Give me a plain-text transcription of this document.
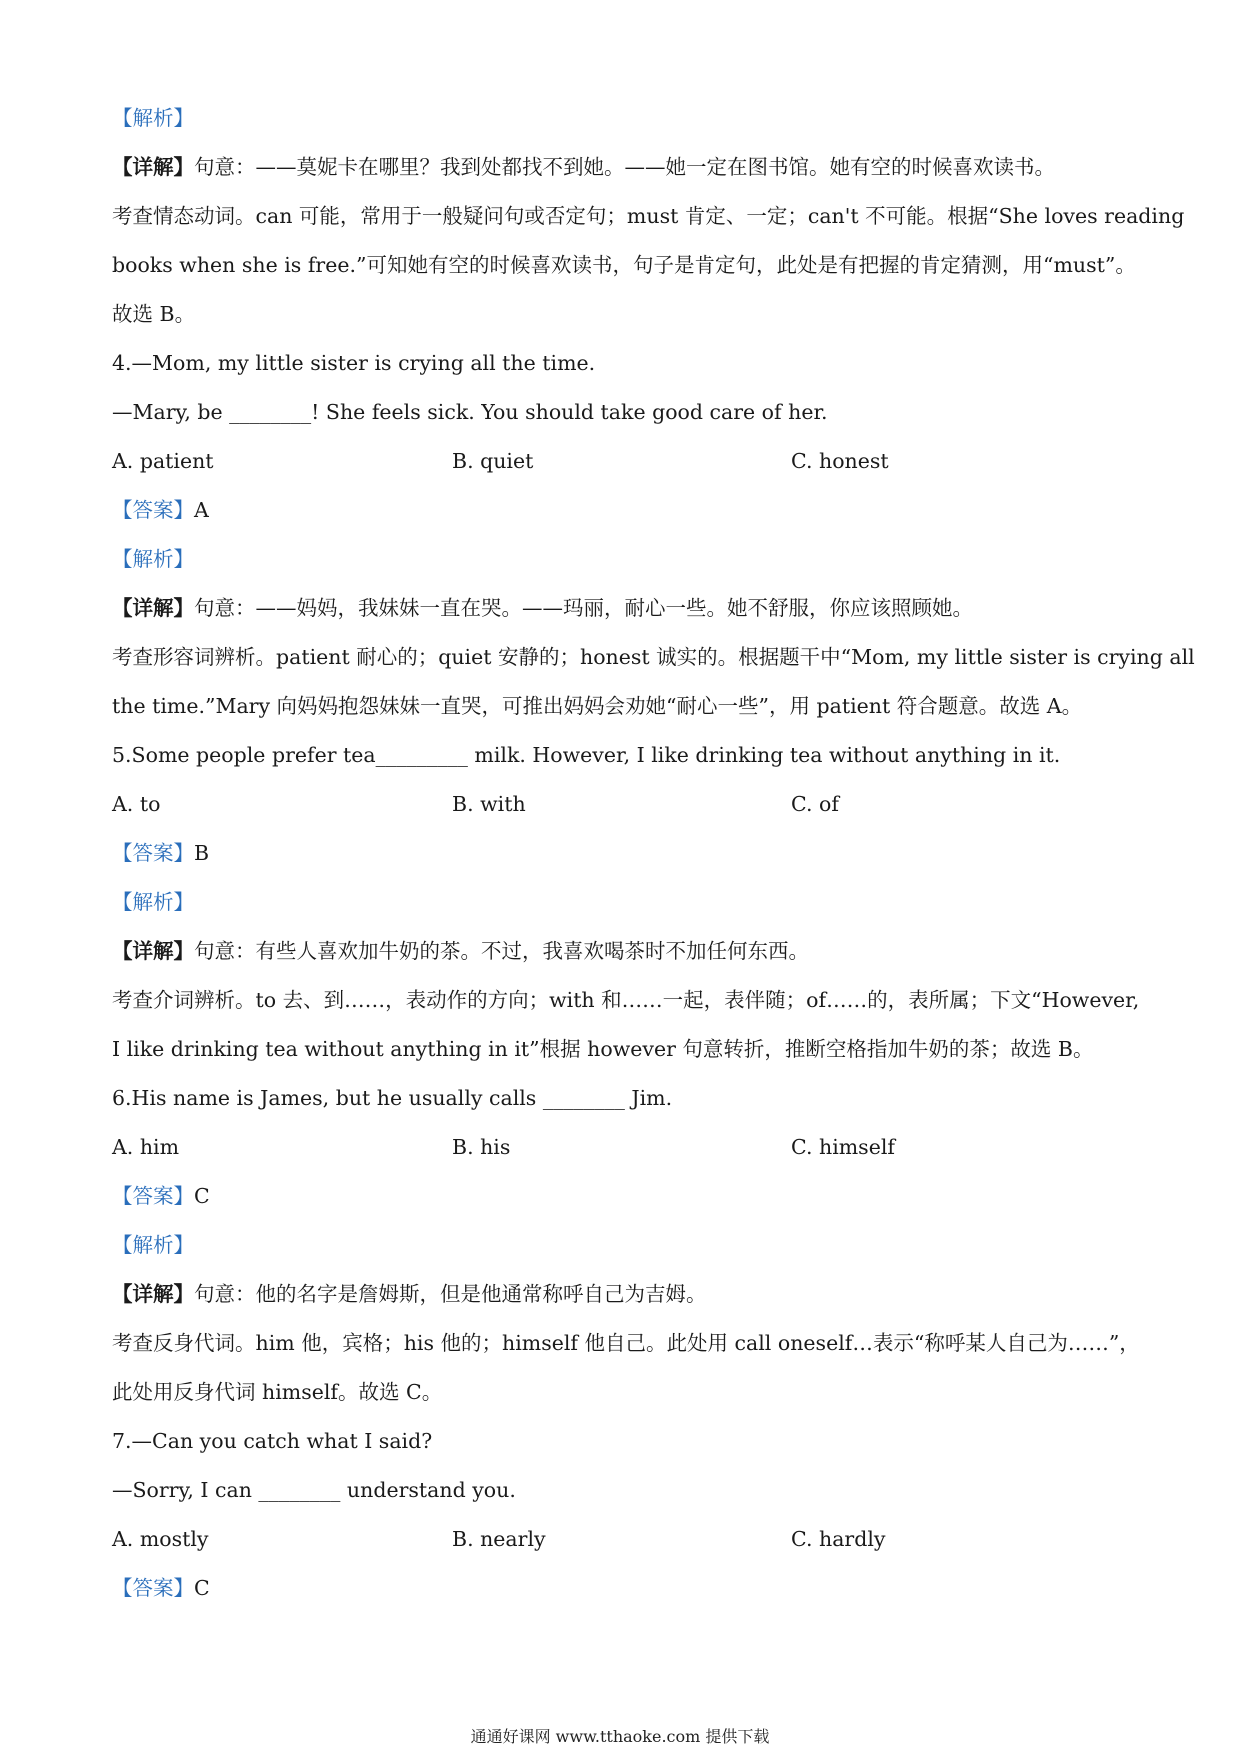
【解析】
【详解】句意：——莫妮卡在哪里？我到处都找不到她。——她一定在图书馆。她有空的时候喜欢读书。
考查情态动词。can 可能，常用于一般疑问句或否定句；must 肯定、一定；can't 不可能。根据“She loves reading
books when she is free.”可知她有空的时候喜欢读书，句子是肯定句，此处是有把握的肯定猜测，用“must”。
故选 B。
4.—Mom, my little sister is crying all the time.
—Mary, be ________! She feels sick. You should take good care of her.
A. patient	B. quiet	C. honest
【答案】A
【解析】
【详解】句意：——妈妈，我妹妹一直在哭。——玛丽，耐心一些。她不舒服，你应该照顾她。
考查形容词辨析。patient 耐心的；quiet 安静的；honest 诚实的。根据题干中“Mom, my little sister is crying all
the time.”Mary 向妈妈抱怨妹妹一直哭，可推出妈妈会劝她“耐心一些”，用 patient 符合题意。故选 A。
5.Some people prefer tea_________ milk. However, I like drinking tea without anything in it.
A. to	B. with	C. of
【答案】B
【解析】
【详解】句意：有些人喜欢加牛奶的茶。不过，我喜欢喝茶时不加任何东西。
考查介词辨析。to 去、到……，表动作的方向；with 和……一起，表伴随；of……的，表所属；下文“However,
I like drinking tea without anything in it”根据 however 句意转折，推断空格指加牛奶的茶；故选 B。
6.His name is James, but he usually calls ________ Jim.
A. him	B. his	C. himself
【答案】C
【解析】
【详解】句意：他的名字是詹姆斯，但是他通常称呼自己为吉姆。
考查反身代词。him 他，宾格；his 他的；himself 他自己。此处用 call oneself…表示“称呼某人自己为……”，
此处用反身代词 himself。故选 C。
7.—Can you catch what I said?
—Sorry, I can ________ understand you.
A. mostly	B. nearly	C. hardly
【答案】C
通通好课网 www.tthaoke.com 提供下载
